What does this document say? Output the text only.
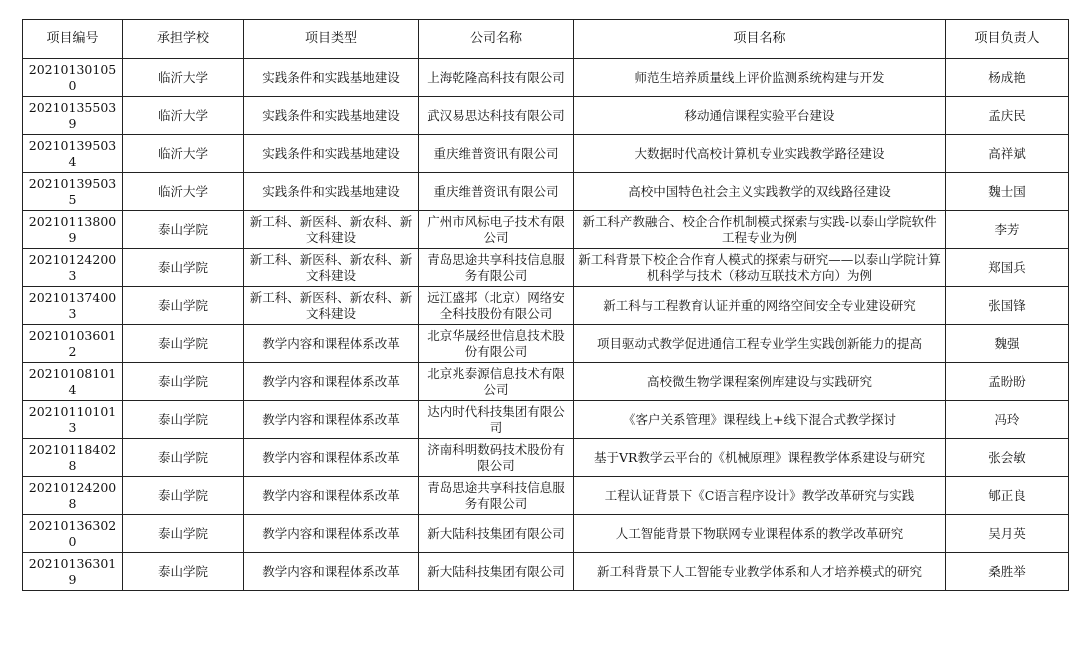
项目编号	承担学校	项目类型	公司名称	项目名称	项目负责人
202101301050	临沂大学	实践条件和实践基地建设	上海乾隆高科技有限公司	师范生培养质量线上评价监测系统构建与开发	杨成艳
202101355039	临沂大学	实践条件和实践基地建设	武汉易思达科技有限公司	移动通信课程实验平台建设	孟庆民
202101395034	临沂大学	实践条件和实践基地建设	重庆维普资讯有限公司	大数据时代高校计算机专业实践教学路径建设	高祥斌
202101395035	临沂大学	实践条件和实践基地建设	重庆维普资讯有限公司	高校中国特色社会主义实践教学的双线路径建设	魏士国
202101138009	泰山学院	新工科、新医科、新农科、新文科建设	广州市风标电子技术有限公司	新工科产教融合、校企合作机制模式探索与实践-以泰山学院软件工程专业为例	李芳
202101242003	泰山学院	新工科、新医科、新农科、新文科建设	青岛思途共享科技信息服务有限公司	新工科背景下校企合作育人模式的探索与研究——以泰山学院计算机科学与技术（移动互联技术方向）为例	郑国兵
202101374003	泰山学院	新工科、新医科、新农科、新文科建设	远江盛邦（北京）网络安全科技股份有限公司	新工科与工程教育认证并重的网络空间安全专业建设研究	张国锋
202101036012	泰山学院	教学内容和课程体系改革	北京华晟经世信息技术股份有限公司	项目驱动式教学促进通信工程专业学生实践创新能力的提高	魏强
202101081014	泰山学院	教学内容和课程体系改革	北京兆泰源信息技术有限公司	高校微生物学课程案例库建设与实践研究	孟盼盼
202101101013	泰山学院	教学内容和课程体系改革	达内时代科技集团有限公司	《客户关系管理》课程线上+线下混合式教学探讨	冯玲
202101184028	泰山学院	教学内容和课程体系改革	济南科明数码技术股份有限公司	基于VR教学云平台的《机械原理》课程教学体系建设与研究	张会敏
202101242008	泰山学院	教学内容和课程体系改革	青岛思途共享科技信息服务有限公司	工程认证背景下《C语言程序设计》教学改革研究与实践	郇正良
202101363020	泰山学院	教学内容和课程体系改革	新大陆科技集团有限公司	人工智能背景下物联网专业课程体系的教学改革研究	吴月英
202101363019	泰山学院	教学内容和课程体系改革	新大陆科技集团有限公司	新工科背景下人工智能专业教学体系和人才培养模式的研究	桑胜举
